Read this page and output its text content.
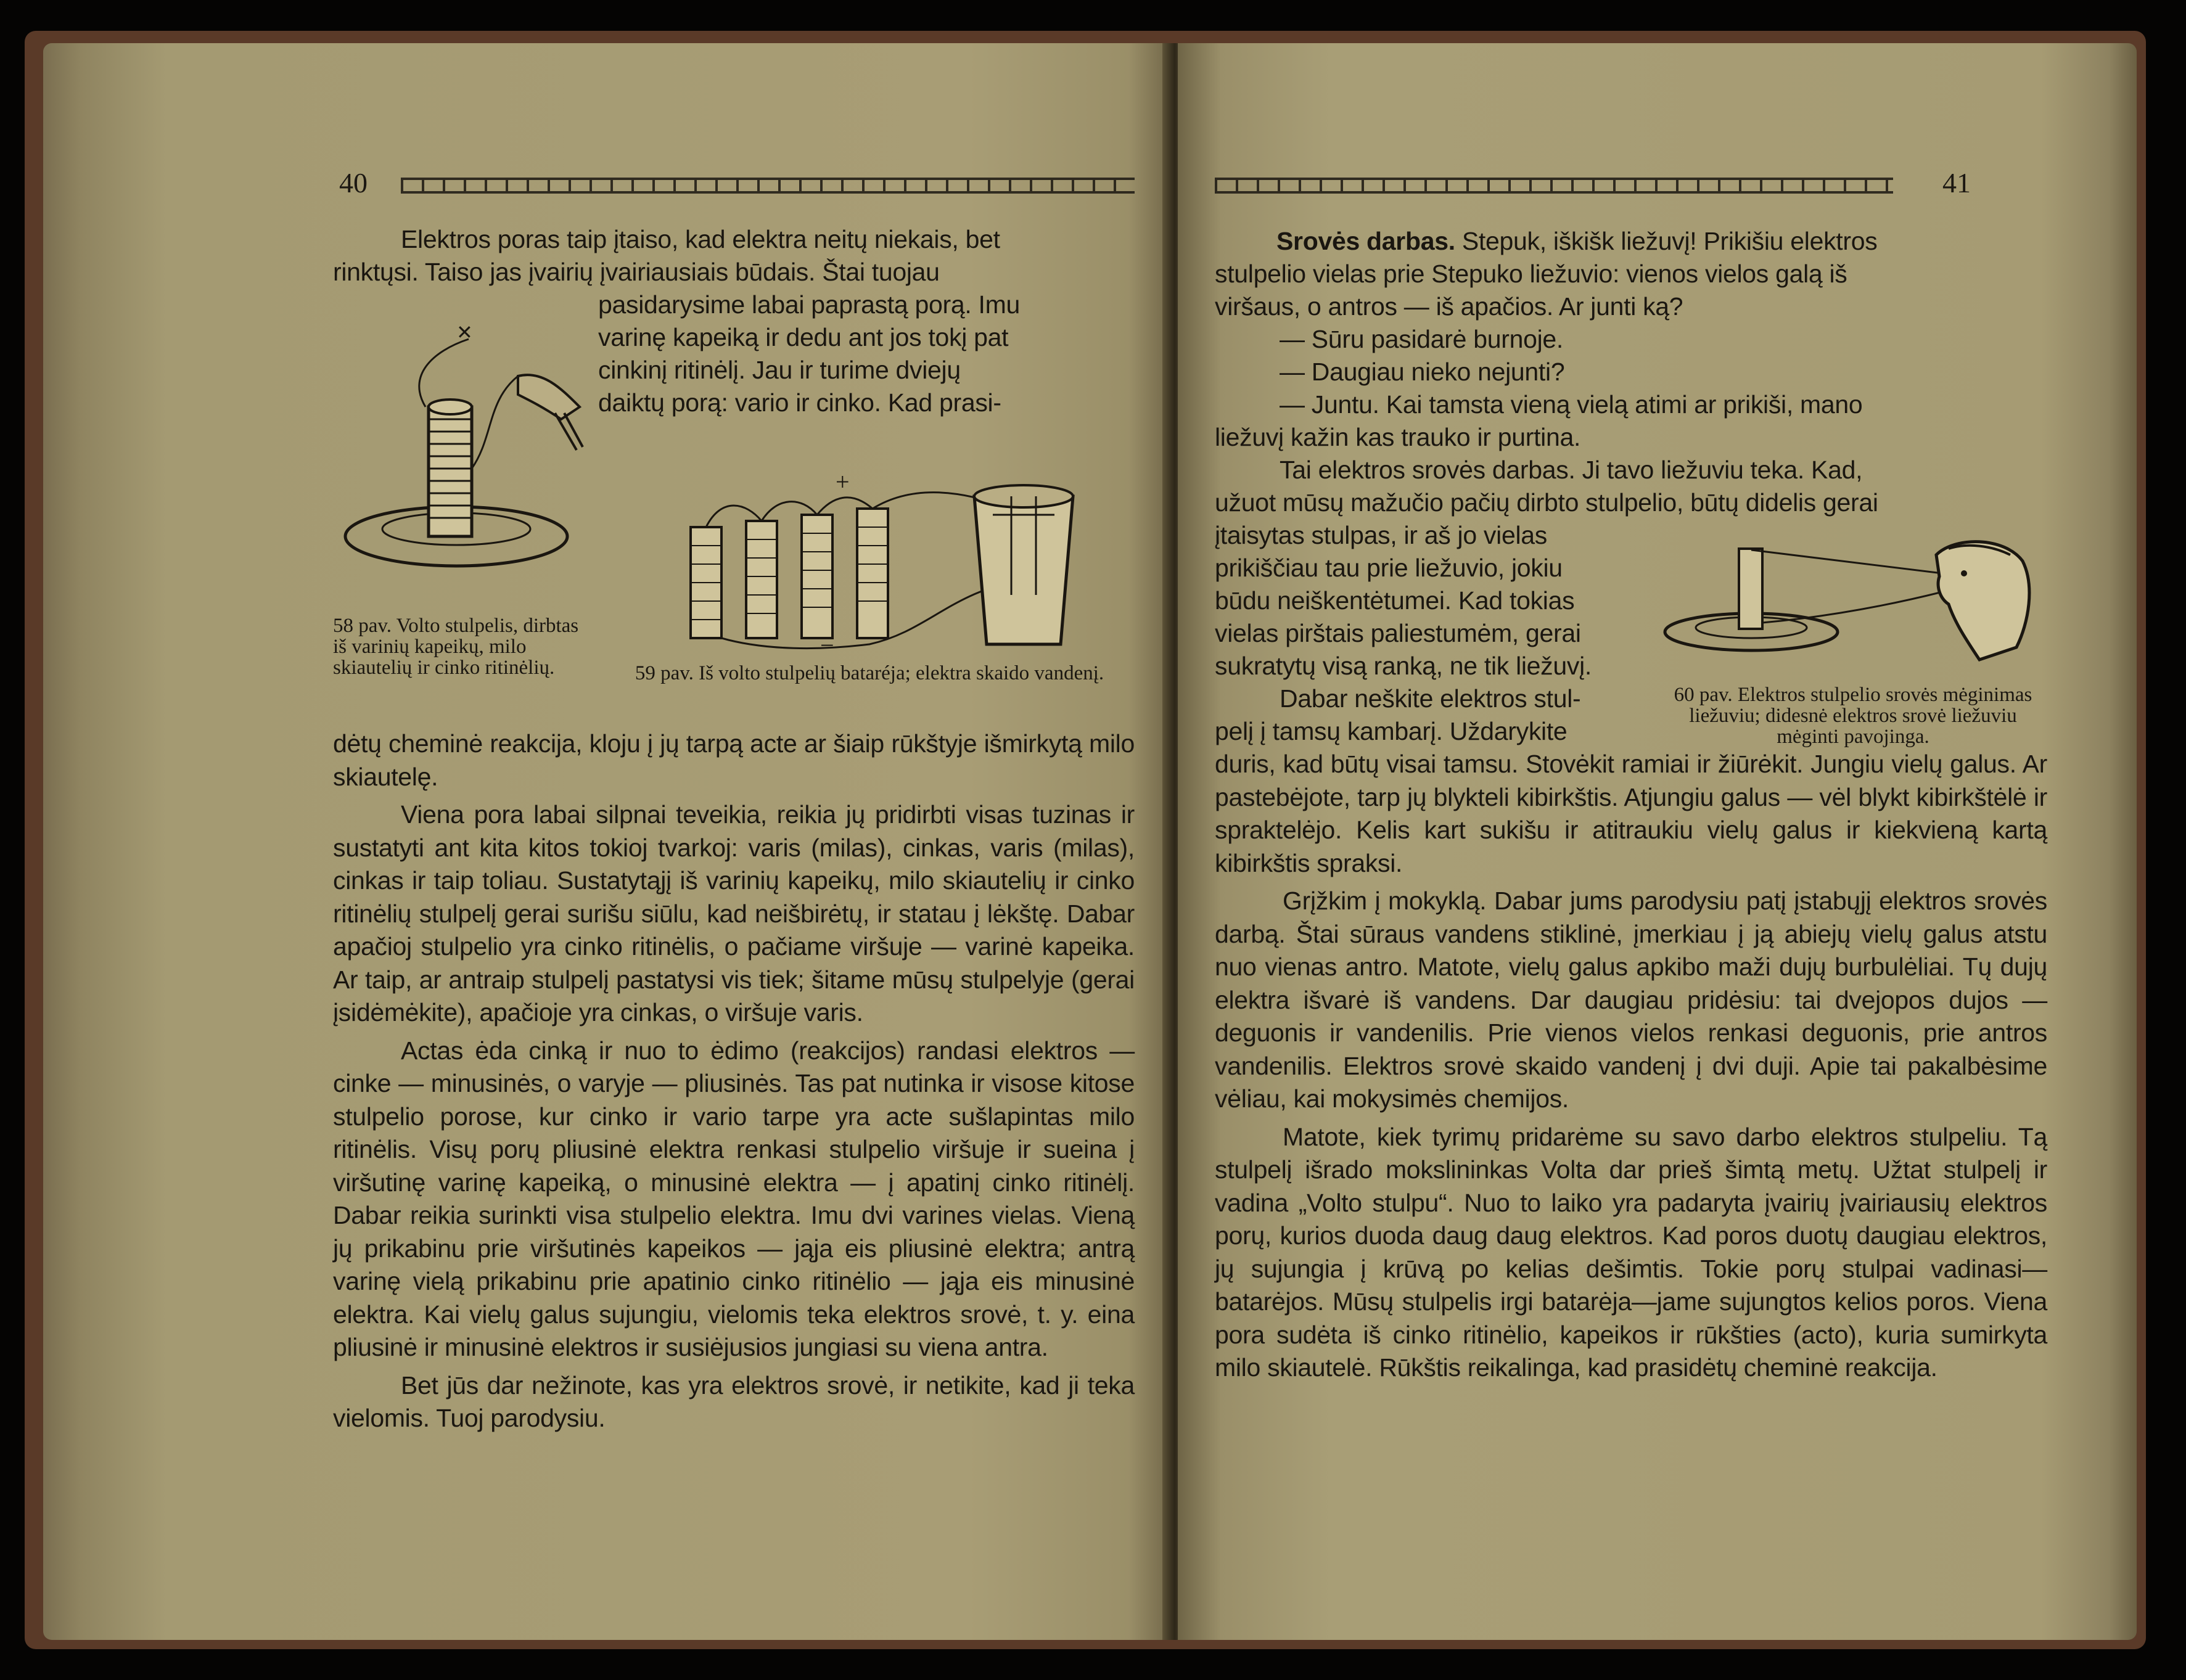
40
Elektros poras taip įtaiso, kad elektra neitų niekais, bet
rinktųsi. Taiso jas įvairių įvairiausiais būdais. Štai tuojau
pasidarysime labai paprastą porą. Imu
varinę kapeiką ir dedu ant jos tokį pat
cinkinį ritinėlį. Jau ir turime dviejų
daiktų porą: vario ir cinko. Kad prasi-
✕
58 pav. Volto stulpelis, dirbtas iš varinių kapeikų, milo skiautelių ir cinko ritinėlių.
+
−
59 pav. Iš volto stulpelių bataréja; elektra skaido vandenį.

dėtų cheminė reakcija, kloju į jų tarpą acte ar šiaip rūkštyje išmirkytą milo skiautelę.

Viena pora labai silpnai teveikia, reikia jų pridirbti visas tuzinas ir sustatyti ant kita kitos tokioj tvarkoj: varis (milas), cinkas, varis (milas), cinkas ir taip toliau. Sustatytąjį iš varinių kapeikų, milo skiautelių ir cinko ritinėlių stulpelį gerai surišu siūlu, kad neišbirėtų, ir statau į lėkštę. Dabar apačioj stulpelio yra cinko ritinėlis, o pačiame viršuje — varinė kapeika. Ar taip, ar antraip stulpelį pastatysi vis tiek; šitame mūsų stulpelyje (gerai įsidėmėkite), apačioje yra cinkas, o viršuje varis.

Actas ėda cinką ir nuo to ėdimo (reakcijos) randasi elektros — cinke — minusinės, o varyje — pliusinės. Tas pat nutinka ir visose kitose stulpelio porose, kur cinko ir vario tarpe yra acte sušlapintas milo ritinėlis. Visų porų pliusinė elektra renkasi stulpelio viršuje ir sueina į viršutinę varinę kapeiką, o minusinė elektra — į apatinį cinko ritinėlį. Dabar reikia surinkti visa stulpelio elektra. Imu dvi varines vielas. Vieną jų prikabinu prie viršutinės kapeikos — jąja eis pliusinė elektra; antrą varinę vielą prikabinu prie apatinio cinko ritinėlio — jąja eis minusinė elektra. Kai vielų galus sujungiu, vielomis teka elektros srovė, t. y. eina pliusinė ir minusinė elektros ir susiėjusios jungiasi su viena antra.

Bet jūs dar nežinote, kas yra elektros srovė, ir netikite, kad ji teka vielomis. Tuoj parodysiu.

41
Srovės darbas. Stepuk, iškišk liežuvį! Prikišiu elektros
stulpelio vielas prie Stepuko liežuvio: vienos vielos galą iš
viršaus, o antros — iš apačios. Ar junti ką?
— Sūru pasidarė burnoje.
— Daugiau nieko nejunti?
— Juntu. Kai tamsta vieną vielą atimi ar prikiši, mano
liežuvį kažin kas trauko ir purtina.
Tai elektros srovės darbas. Ji tavo liežuviu teka. Kad,
užuot mūsų mažučio pačių dirbto stulpelio, būtų didelis gerai
įtaisytas stulpas, ir aš jo vielas
prikiščiau tau prie liežuvio, jokiu
būdu neiškentėtumei. Kad tokias
vielas pirštais paliestumėm, gerai
sukratytų visą ranką, ne tik liežuvį.
Dabar neškite elektros stul-
pelį į tamsų kambarį. Uždarykite
60 pav. Elektros stulpelio srovės mėginimas liežuviu; didesnė elektros srovė liežuviu mėginti pavojinga.

duris, kad būtų visai tamsu. Stovėkit ramiai ir žiūrėkit. Jungiu vielų galus. Ar pastebėjote, tarp jų blykteli kibirkštis. Atjungiu galus — vėl blykt kibirkštėlė ir spraktelėjo. Kelis kart sukišu ir atitraukiu vielų galus ir kiekvieną kartą kibirkštis spraksi.

Grįžkim į mokyklą. Dabar jums parodysiu patį įstabųjį elektros srovės darbą. Štai sūraus vandens stiklinė, įmerkiau į ją abiejų vielų galus atstu nuo vienas antro. Matote, vielų galus apkibo maži dujų burbulėliai. Tų dujų elektra išvarė iš vandens. Dar daugiau pridėsiu: tai dvejopos dujos — deguonis ir vandenilis. Prie vienos vielos renkasi deguonis, prie antros vandenilis. Elektros srovė skaido vandenį į dvi duji. Apie tai pakalbėsime vėliau, kai mokysimės chemijos.

Matote, kiek tyrimų pridarėme su savo darbo elektros stulpeliu. Tą stulpelį išrado mokslininkas Volta dar prieš šimtą metų. Užtat stulpelį ir vadina „Volto stulpu“. Nuo to laiko yra padaryta įvairių įvairiausių elektros porų, kurios duoda daug daug elektros. Kad poros duotų daugiau elektros, jų sujungia į krūvą po kelias dešimtis. Tokie porų stulpai vadinasi—batarėjos. Mūsų stulpelis irgi batarėja—jame sujungtos kelios poros. Viena pora sudėta iš cinko ritinėlio, kapeikos ir rūkšties (acto), kuria sumirkyta milo skiautelė. Rūkštis reikalinga, kad prasidėtų cheminė reakcija.
